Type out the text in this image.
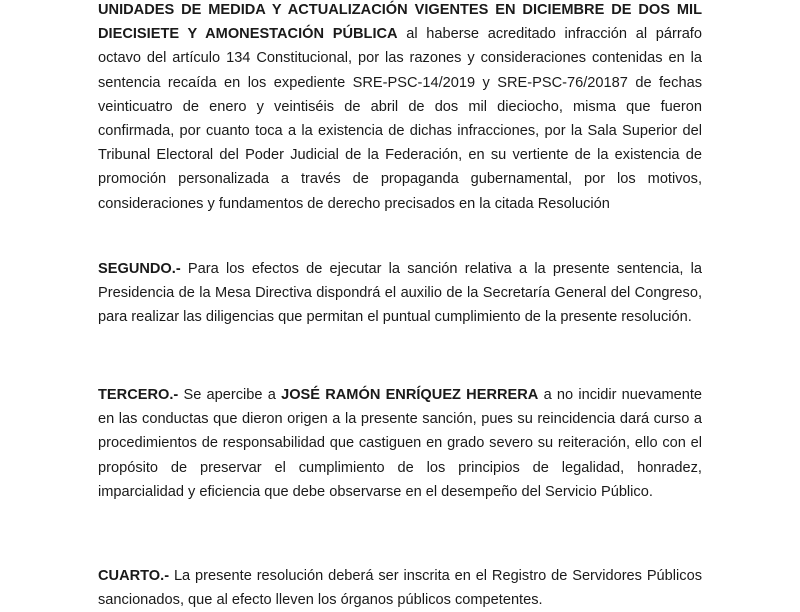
UNIDADES DE MEDIDA Y ACTUALIZACIÓN VIGENTES EN DICIEMBRE DE DOS MIL DIECISIETE Y AMONESTACIÓN PÚBLICA al haberse acreditado infracción al párrafo octavo del artículo 134 Constitucional, por las razones y consideraciones contenidas en la sentencia recaída en los expediente SRE-PSC-14/2019 y SRE-PSC-76/20187 de fechas veinticuatro de enero y veintiséis de abril de dos mil dieciocho, misma que fueron confirmada, por cuanto toca a la existencia de dichas infracciones, por la Sala Superior del Tribunal Electoral del Poder Judicial de la Federación, en su vertiente de la existencia de promoción personalizada a través de propaganda gubernamental, por los motivos, consideraciones y fundamentos de derecho precisados en la citada Resolución

SEGUNDO.- Para los efectos de ejecutar la sanción relativa a la presente sentencia, la Presidencia de la Mesa Directiva dispondrá el auxilio de la Secretaría General del Congreso, para realizar las diligencias que permitan el puntual cumplimiento de la presente resolución.

TERCERO.- Se apercibe a JOSÉ RAMÓN ENRÍQUEZ HERRERA a no incidir nuevamente en las conductas que dieron origen a la presente sanción, pues su reincidencia dará curso a procedimientos de responsabilidad que castiguen en grado severo su reiteración, ello con el propósito de preservar el cumplimiento de los principios de legalidad, honradez, imparcialidad y eficiencia que debe observarse en el desempeño del Servicio Público.

CUARTO.- La presente resolución deberá ser inscrita en el Registro de Servidores Públicos sancionados, que al efecto lleven los órganos públicos competentes.
